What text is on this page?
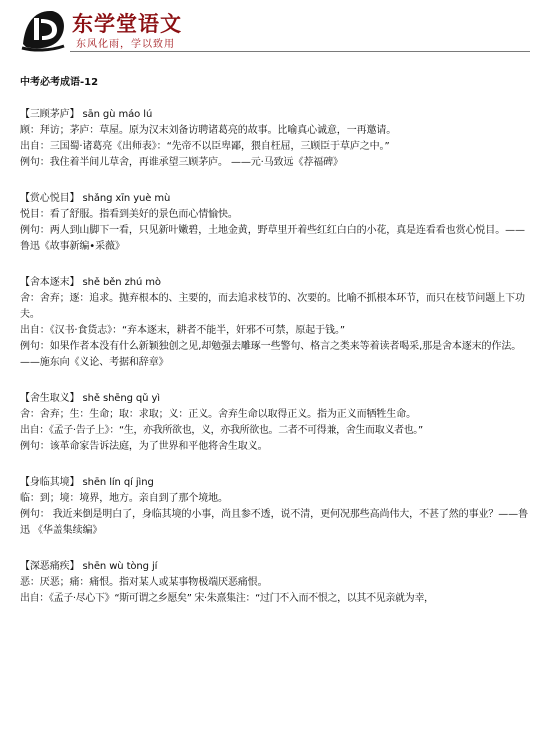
东学堂语文
东风化雨，学以致用
中考必考成语-12
【三顾茅庐】 sān gù máo lú
顾：拜访；茅庐：草屋。原为汉末刘备访聘诸葛亮的故事。比喻真心诚意，一再邀请。
出自：三国蜀·诸葛亮《出师表》：“先帝不以臣卑鄙，猥自枉屈，三顾臣于草庐之中。”
例句：我住着半间儿草舍，再谁承望三顾茅庐。 ——元·马致远《荐福碑》
【赏心悦目】 shǎng xīn yuè mù
悦目：看了舒服。指看到美好的景色而心情愉快。
例句：两人到山脚下一看，只见新叶嫩碧，土地金黄，野草里开着些红红白白的小花，真是连看看也赏心悦目。——鲁迅《故事新编•采薇》
【舍本逐末】 shě běn zhú mò
舍：舍弃；逐：追求。抛弃根本的、主要的，而去追求枝节的、次要的。比喻不抓根本环节，而只在枝节问题上下功夫。
出自：《汉书·食货志》：“弃本逐末，耕者不能半，奸邪不可禁，原起于钱。”
例句：如果作者本没有什么新颖独创之见,却勉强去雕琢一些警句、格言之类来等着读者喝采,那是舍本逐末的作法。——施东向《义论、考据和辞章》
【舍生取义】 shě shēng qǔ yì
舍：舍弃；生：生命；取：求取；义：正义。舍弃生命以取得正义。指为正义而牺牲生命。
出自：《孟子·告子上》：“生，亦我所欲也，义，亦我所欲也。二者不可得兼，舍生而取义者也。”
例句：该革命家告诉法庭，为了世界和平他将舍生取义。
【身临其境】 shēn lín qí jìng
临：到；境：境界，地方。亲自到了那个境地。
例句： 我近来倒是明白了，身临其境的小事，尚且参不透，说不清，更何况那些高尚伟大，不甚了然的事业？——鲁迅 《华盖集续编》
【深恶痛疾】 shēn wù tòng jí
恶：厌恶；痛：痛恨。指对某人或某事物极端厌恶痛恨。
出自：《孟子·尽心下》“斯可谓之乡愿矣” 宋·朱熹集注：“过门不入而不恨之，以其不见亲就为幸，
